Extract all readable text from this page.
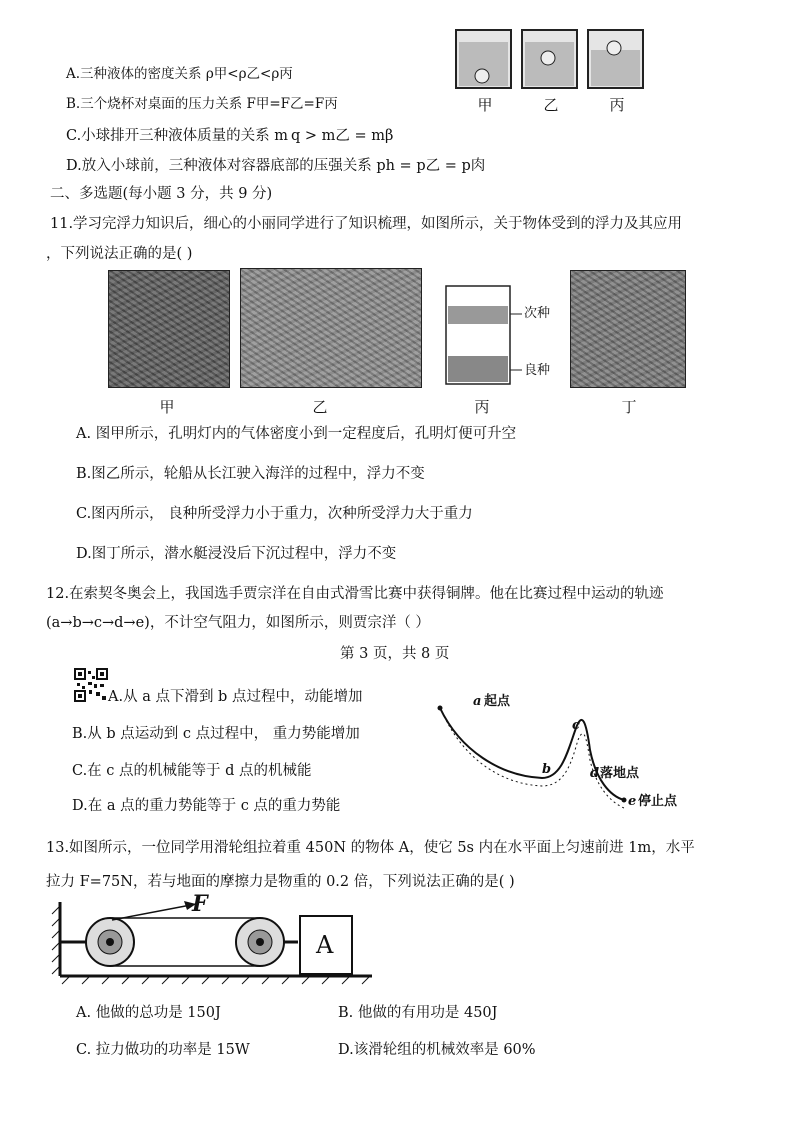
A.三种液体的密度关系 ρ甲<ρ乙<ρ丙
B.三个烧杯对桌面的压力关系 F甲=F乙=F丙
C.小球排开三种液体质量的关系 m q > m乙 = mβ
D.放入小球前，三种液体对容器底部的压强关系 ph = p乙 = p肉
甲	乙	丙
二、多选题(每小题 3 分，共 9 分)
11.学习完浮力知识后，细心的小丽同学进行了知识梳理，如图所示，关于物体受到的浮力及其应用
，下列说法正确的是( )
次种
良种
甲	乙	丙	丁
A. 图甲所示，孔明灯内的气体密度小到一定程度后，孔明灯便可升空
B.图乙所示，轮船从长江驶入海洋的过程中，浮力不变
C.图丙所示， 良种所受浮力小于重力，次种所受浮力大于重力
D.图丁所示，潜水艇浸没后下沉过程中，浮力不变
12.在索契冬奥会上，我国选手贾宗洋在自由式滑雪比赛中获得铜牌。他在比赛过程中运动的轨迹
(a→b→c→d→e)，不计空气阻力，如图所示，则贾宗洋（ ）
第 3 页，共 8 页
A.从 a 点下滑到 b 点过程中，动能增加
B.从 b 点运动到 c 点过程中， 重力势能增加
C.在 c 点的机械能等于 d 点的机械能
D.在 a 点的重力势能等于 c 点的重力势能
a 起点
b
c
d 落地点
e 停止点
13.如图所示，一位同学用滑轮组拉着重 450N 的物体 A，使它 5s 内在水平面上匀速前进 1m，水平
拉力 F=75N，若与地面的摩擦力是物重的 0.2 倍，下列说法正确的是( )
F
A
A. 他做的总功是 150J	B. 他做的有用功是 450J
C. 拉力做功的功率是 15W	D.该滑轮组的机械效率是 60%
